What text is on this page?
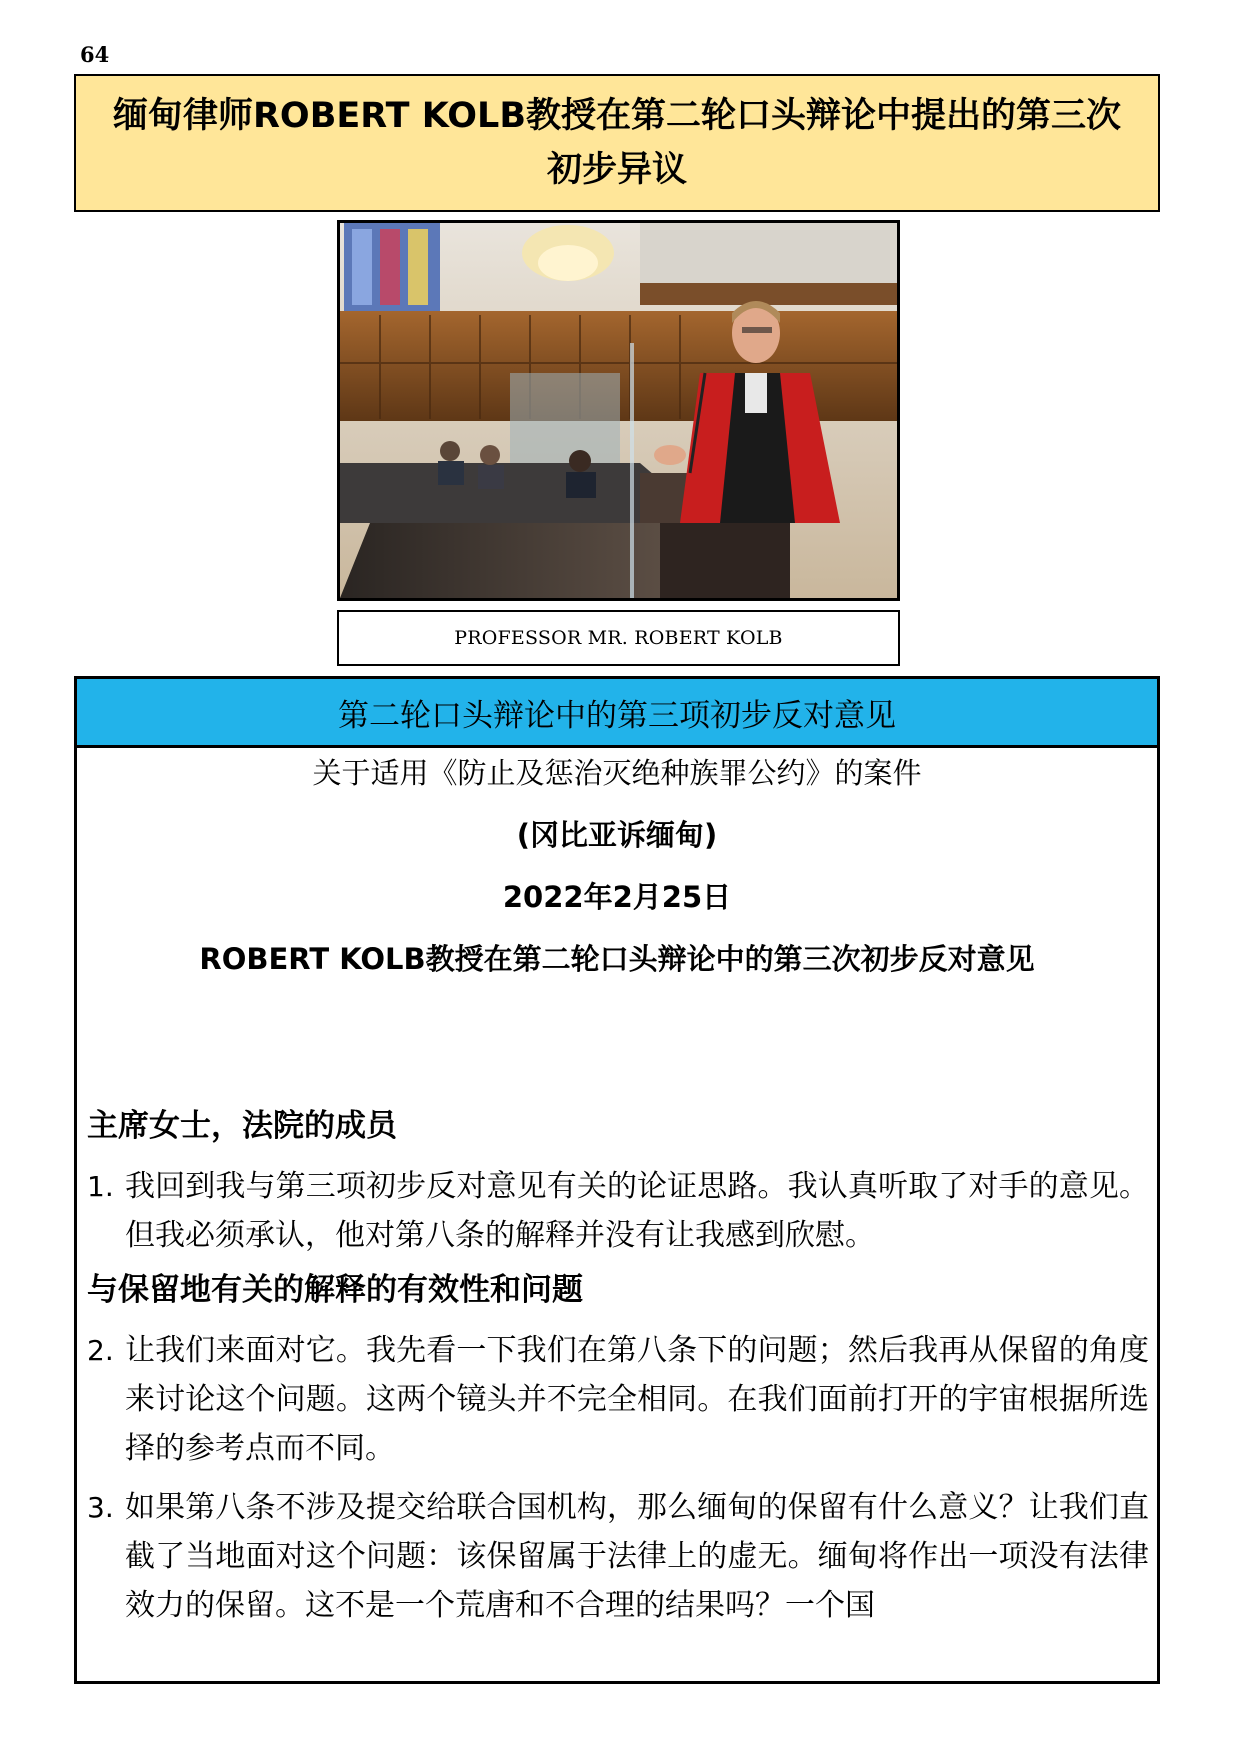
64
缅甸律师ROBERT KOLB教授在第二轮口头辩论中提出的第三次初步异议
PROFESSOR MR. ROBERT KOLB
第二轮口头辩论中的第三项初步反对意见
关于适用《防止及惩治灭绝种族罪公约》的案件
(冈比亚诉缅甸)
2022年2月25日
ROBERT KOLB教授在第二轮口头辩论中的第三次初步反对意见
主席女士，法院的成员
1. 我回到我与第三项初步反对意见有关的论证思路。我认真听取了对手的意见。但我必须承认，他对第八条的解释并没有让我感到欣慰。
与保留地有关的解释的有效性和问题
2. 让我们来面对它。我先看一下我们在第八条下的问题；然后我再从保留的角度来讨论这个问题。这两个镜头并不完全相同。在我们面前打开的宇宙根据所选择的参考点而不同。
3. 如果第八条不涉及提交给联合国机构，那么缅甸的保留有什么意义？让我们直截了当地面对这个问题：该保留属于法律上的虚无。缅甸将作出一项没有法律效力的保留。这不是一个荒唐和不合理的结果吗？一个国
